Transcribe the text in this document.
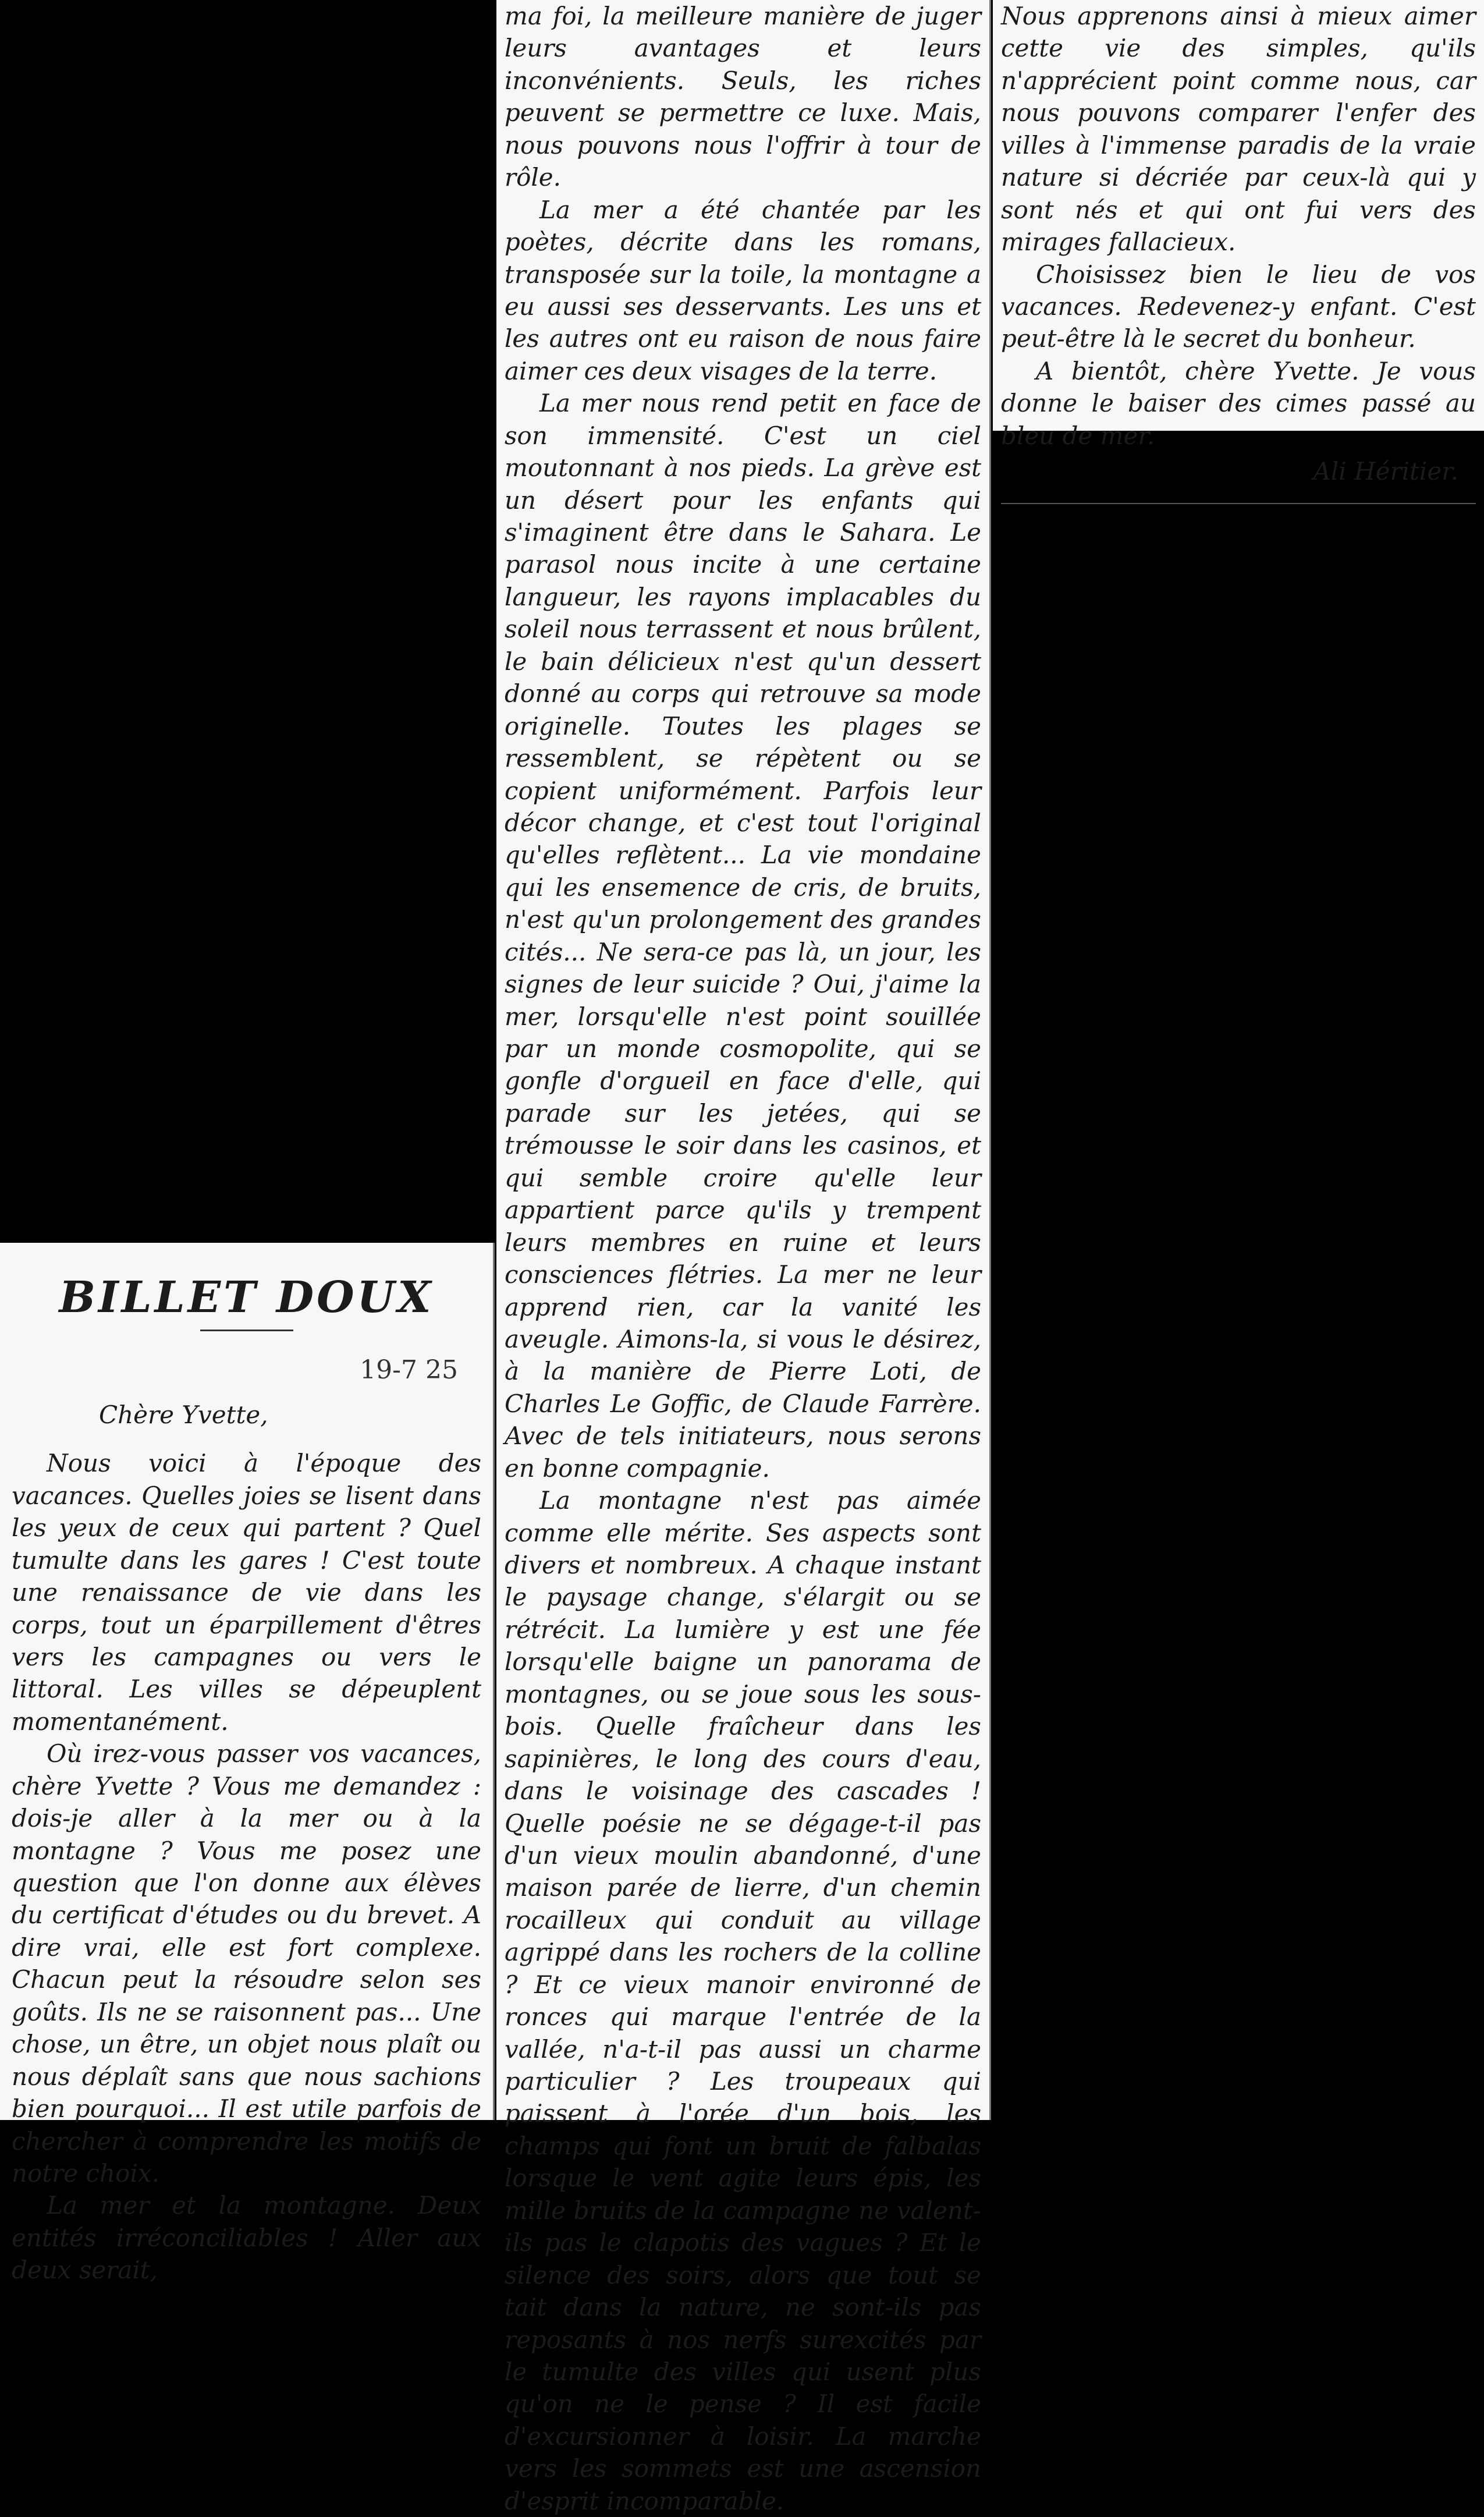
BILLET DOUX
19-7 25

Chère Yvette,

Nous voici à l'époque des vacances. Quelles joies se lisent dans les yeux de ceux qui partent ? Quel tumulte dans les gares ! C'est toute une renaissance de vie dans les corps, tout un éparpillement d'êtres vers les campagnes ou vers le littoral. Les villes se dépeuplent momentanément.

Où irez-vous passer vos vacances, chère Yvette ? Vous me demandez : dois-je aller à la mer ou à la montagne ? Vous me posez une question que l'on donne aux élèves du certificat d'études ou du brevet. A dire vrai, elle est fort complexe. Chacun peut la résoudre selon ses goûts. Ils ne se raisonnent pas... Une chose, un être, un objet nous plaît ou nous déplaît sans que nous sachions bien pourquoi... Il est utile parfois de chercher à comprendre les motifs de notre choix.

La mer et la montagne. Deux entités irréconciliables ! Aller aux deux serait,

ma foi, la meilleure manière de juger leurs avantages et leurs inconvénients. Seuls, les riches peuvent se permettre ce luxe. Mais, nous pouvons nous l'offrir à tour de rôle.

La mer a été chantée par les poètes, décrite dans les romans, transposée sur la toile, la montagne a eu aussi ses desservants. Les uns et les autres ont eu raison de nous faire aimer ces deux visages de la terre.

La mer nous rend petit en face de son immensité. C'est un ciel moutonnant à nos pieds. La grève est un désert pour les enfants qui s'imaginent être dans le Sahara. Le parasol nous incite à une certaine langueur, les rayons implacables du soleil nous terrassent et nous brûlent, le bain délicieux n'est qu'un dessert donné au corps qui retrouve sa mode originelle. Toutes les plages se ressemblent, se répètent ou se copient uniformément. Parfois leur décor change, et c'est tout l'original qu'elles reflètent... La vie mondaine qui les ensemence de cris, de bruits, n'est qu'un prolongement des grandes cités... Ne sera-ce pas là, un jour, les signes de leur suicide ? Oui, j'aime la mer, lorsqu'elle n'est point souillée par un monde cosmopolite, qui se gonfle d'orgueil en face d'elle, qui parade sur les jetées, qui se trémousse le soir dans les casinos, et qui semble croire qu'elle leur appartient parce qu'ils y trempent leurs membres en ruine et leurs consciences flétries. La mer ne leur apprend rien, car la vanité les aveugle. Aimons-la, si vous le désirez, à la manière de Pierre Loti, de Charles Le Goffic, de Claude Farrère. Avec de tels initiateurs, nous serons en bonne compagnie.

La montagne n'est pas aimée comme elle mérite. Ses aspects sont divers et nombreux. A chaque instant le paysage change, s'élargit ou se rétrécit. La lumière y est une fée lorsqu'elle baigne un panorama de montagnes, ou se joue sous les sous-bois. Quelle fraîcheur dans les sapinières, le long des cours d'eau, dans le voisinage des cascades ! Quelle poésie ne se dégage-t-il pas d'un vieux moulin abandonné, d'une maison parée de lierre, d'un chemin rocailleux qui conduit au village agrippé dans les rochers de la colline ? Et ce vieux manoir environné de ronces qui marque l'entrée de la vallée, n'a-t-il pas aussi un charme particulier ? Les troupeaux qui paissent à l'orée d'un bois, les champs qui font un bruit de falbalas lorsque le vent agite leurs épis, les mille bruits de la campagne ne valent-ils pas le clapotis des vagues ? Et le silence des soirs, alors que tout se tait dans la nature, ne sont-ils pas reposants à nos nerfs surexcités par le tumulte des villes qui usent plus qu'on ne le pense ? Il est facile d'excursionner à loisir. La marche vers les sommets est une ascension d'esprit incomparable.

Nous apprenons ainsi à mieux aimer cette vie des simples, qu'ils n'apprécient point comme nous, car nous pouvons comparer l'enfer des villes à l'immense paradis de la vraie nature si décriée par ceux-là qui y sont nés et qui ont fui vers des mirages fallacieux.

Choisissez bien le lieu de vos vacances. Redevenez-y enfant. C'est peut-être là le secret du bonheur.

A bientôt, chère Yvette. Je vous donne le baiser des cimes passé au bleu de mer.

Ali Héritier.
